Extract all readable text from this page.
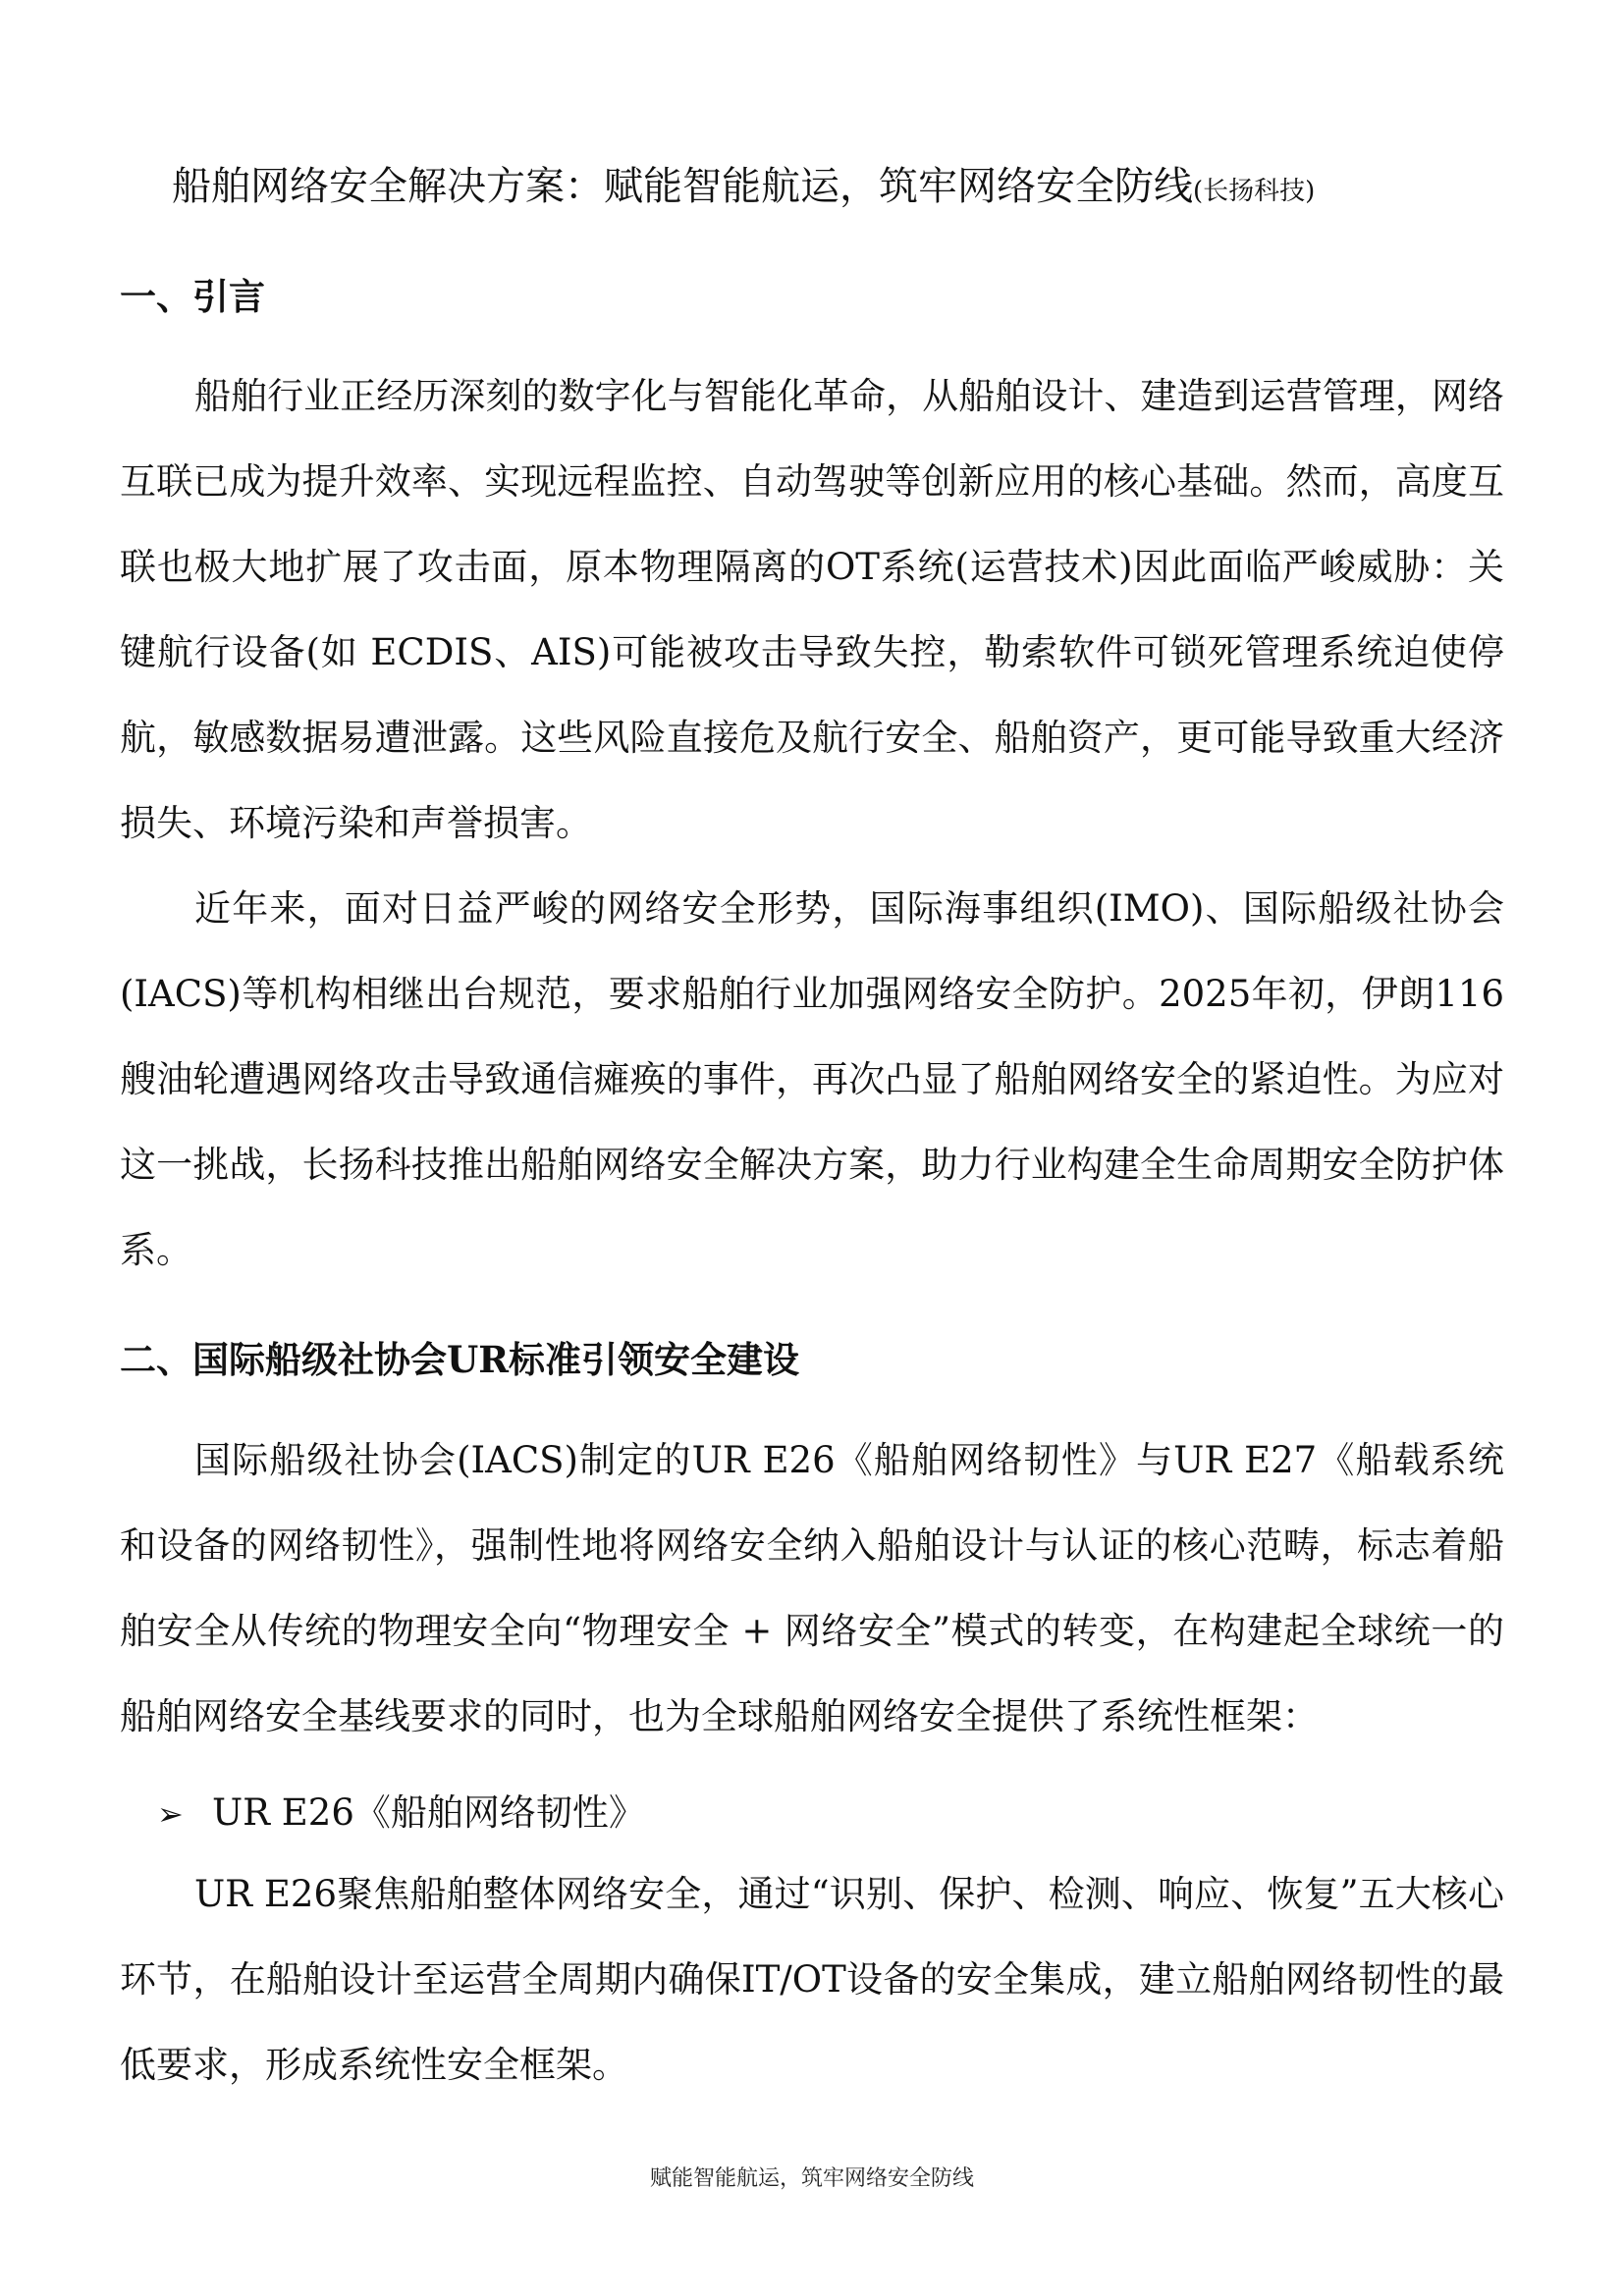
船舶网络安全解决方案：赋能智能航运，筑牢网络安全防线(长扬科技)
一、引言

船舶行业正经历深刻的数字化与智能化革命，从船舶设计、建造到运营管理，网络互联已成为提升效率、实现远程监控、自动驾驶等创新应用的核心基础。然而，高度互联也极大地扩展了攻击面，原本物理隔离的OT系统(运营技术)因此面临严峻威胁：关键航行设备(如 ECDIS、AIS)可能被攻击导致失控，勒索软件可锁死管理系统迫使停航，敏感数据易遭泄露。这些风险直接危及航行安全、船舶资产，更可能导致重大经济损失、环境污染和声誉损害。

近年来，面对日益严峻的网络安全形势，国际海事组织(IMO)、国际船级社协会(IACS)等机构相继出台规范，要求船舶行业加强网络安全防护。2025年初，伊朗116艘油轮遭遇网络攻击导致通信瘫痪的事件，再次凸显了船舶网络安全的紧迫性。为应对这一挑战，长扬科技推出船舶网络安全解决方案，助力行业构建全生命周期安全防护体系。

二、国际船级社协会UR标准引领安全建设

国际船级社协会(IACS)制定的UR E26《船舶网络韧性》与UR E27《船载系统和设备的网络韧性》，强制性地将网络安全纳入船舶设计与认证的核心范畴，标志着船舶安全从传统的物理安全向“物理安全 + 网络安全”模式的转变，在构建起全球统一的船舶网络安全基线要求的同时，也为全球船舶网络安全提供了系统性框架：

➢ UR E26《船舶网络韧性》

UR E26聚焦船舶整体网络安全，通过“识别、保护、检测、响应、恢复”五大核心环节，在船舶设计至运营全周期内确保IT/OT设备的安全集成，建立船舶网络韧性的最低要求，形成系统性安全框架。

赋能智能航运，筑牢网络安全防线
